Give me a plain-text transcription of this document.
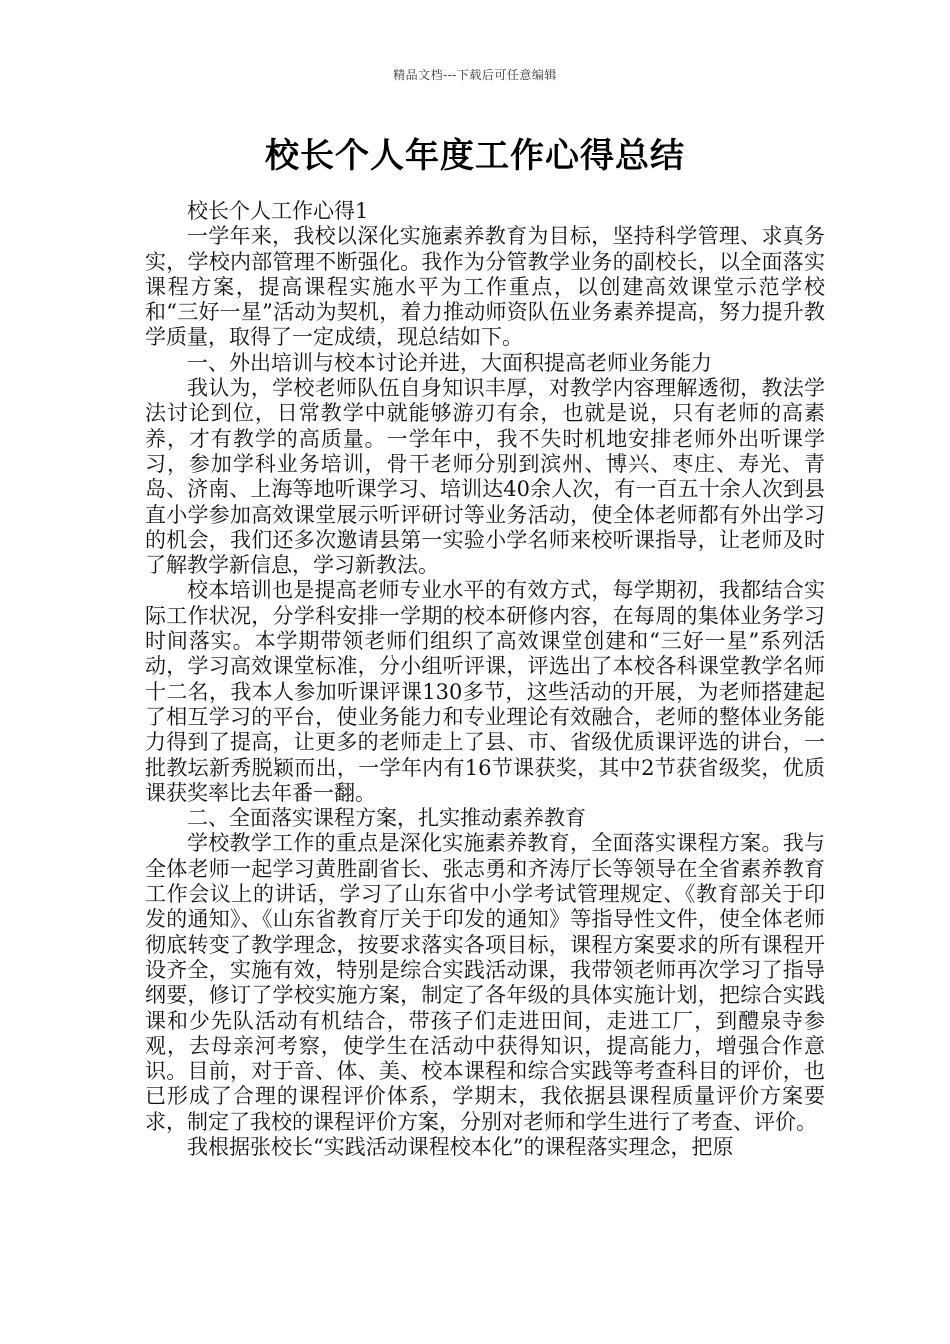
精品文档---下载后可任意编辑
校长个人年度工作心得总结

校长个人工作心得1

一学年来，我校以深化实施素养教育为目标，坚持科学管理、求真务实，学校内部管理不断强化。我作为分管教学业务的副校长，以全面落实课程方案，提高课程实施水平为工作重点，以创建高效课堂示范学校和“三好一星”活动为契机，着力推动师资队伍业务素养提高，努力提升教学质量，取得了一定成绩，现总结如下。

一、外出培训与校本讨论并进，大面积提高老师业务能力

我认为，学校老师队伍自身知识丰厚，对教学内容理解透彻，教法学法讨论到位，日常教学中就能够游刃有余，也就是说，只有老师的高素养，才有教学的高质量。一学年中，我不失时机地安排老师外出听课学习，参加学科业务培训，骨干老师分别到滨州、博兴、枣庄、寿光、青岛、济南、上海等地听课学习、培训达40余人次，有一百五十余人次到县直小学参加高效课堂展示听评研讨等业务活动，使全体老师都有外出学习的机会，我们还多次邀请县第一实验小学名师来校听课指导，让老师及时了解教学新信息，学习新教法。

校本培训也是提高老师专业水平的有效方式，每学期初，我都结合实际工作状况，分学科安排一学期的校本研修内容，在每周的集体业务学习时间落实。本学期带领老师们组织了高效课堂创建和“三好一星”系列活动，学习高效课堂标准，分小组听评课，评选出了本校各科课堂教学名师十二名，我本人参加听课评课130多节，这些活动的开展，为老师搭建起了相互学习的平台，使业务能力和专业理论有效融合，老师的整体业务能力得到了提高，让更多的老师走上了县、市、省级优质课评选的讲台，一批教坛新秀脱颖而出，一学年内有16节课获奖，其中2节获省级奖，优质课获奖率比去年番一翻。

二、全面落实课程方案，扎实推动素养教育

学校教学工作的重点是深化实施素养教育，全面落实课程方案。我与全体老师一起学习黄胜副省长、张志勇和齐涛厅长等领导在全省素养教育工作会议上的讲话，学习了山东省中小学考试管理规定、《教育部关于印发的通知》、《山东省教育厅关于印发的通知》等指导性文件，使全体老师彻底转变了教学理念，按要求落实各项目标，课程方案要求的所有课程开设齐全，实施有效，特别是综合实践活动课，我带领老师再次学习了指导纲要，修订了学校实施方案，制定了各年级的具体实施计划，把综合实践课和少先队活动有机结合，带孩子们走进田间，走进工厂，到醴泉寺参观，去母亲河考察，使学生在活动中获得知识，提高能力，增强合作意识。目前，对于音、体、美、校本课程和综合实践等考查科目的评价，也已形成了合理的课程评价体系，学期末，我依据县课程质量评价方案要求，制定了我校的课程评价方案，分别对老师和学生进行了考查、评价。

我根据张校长“实践活动课程校本化”的课程落实理念，把原
